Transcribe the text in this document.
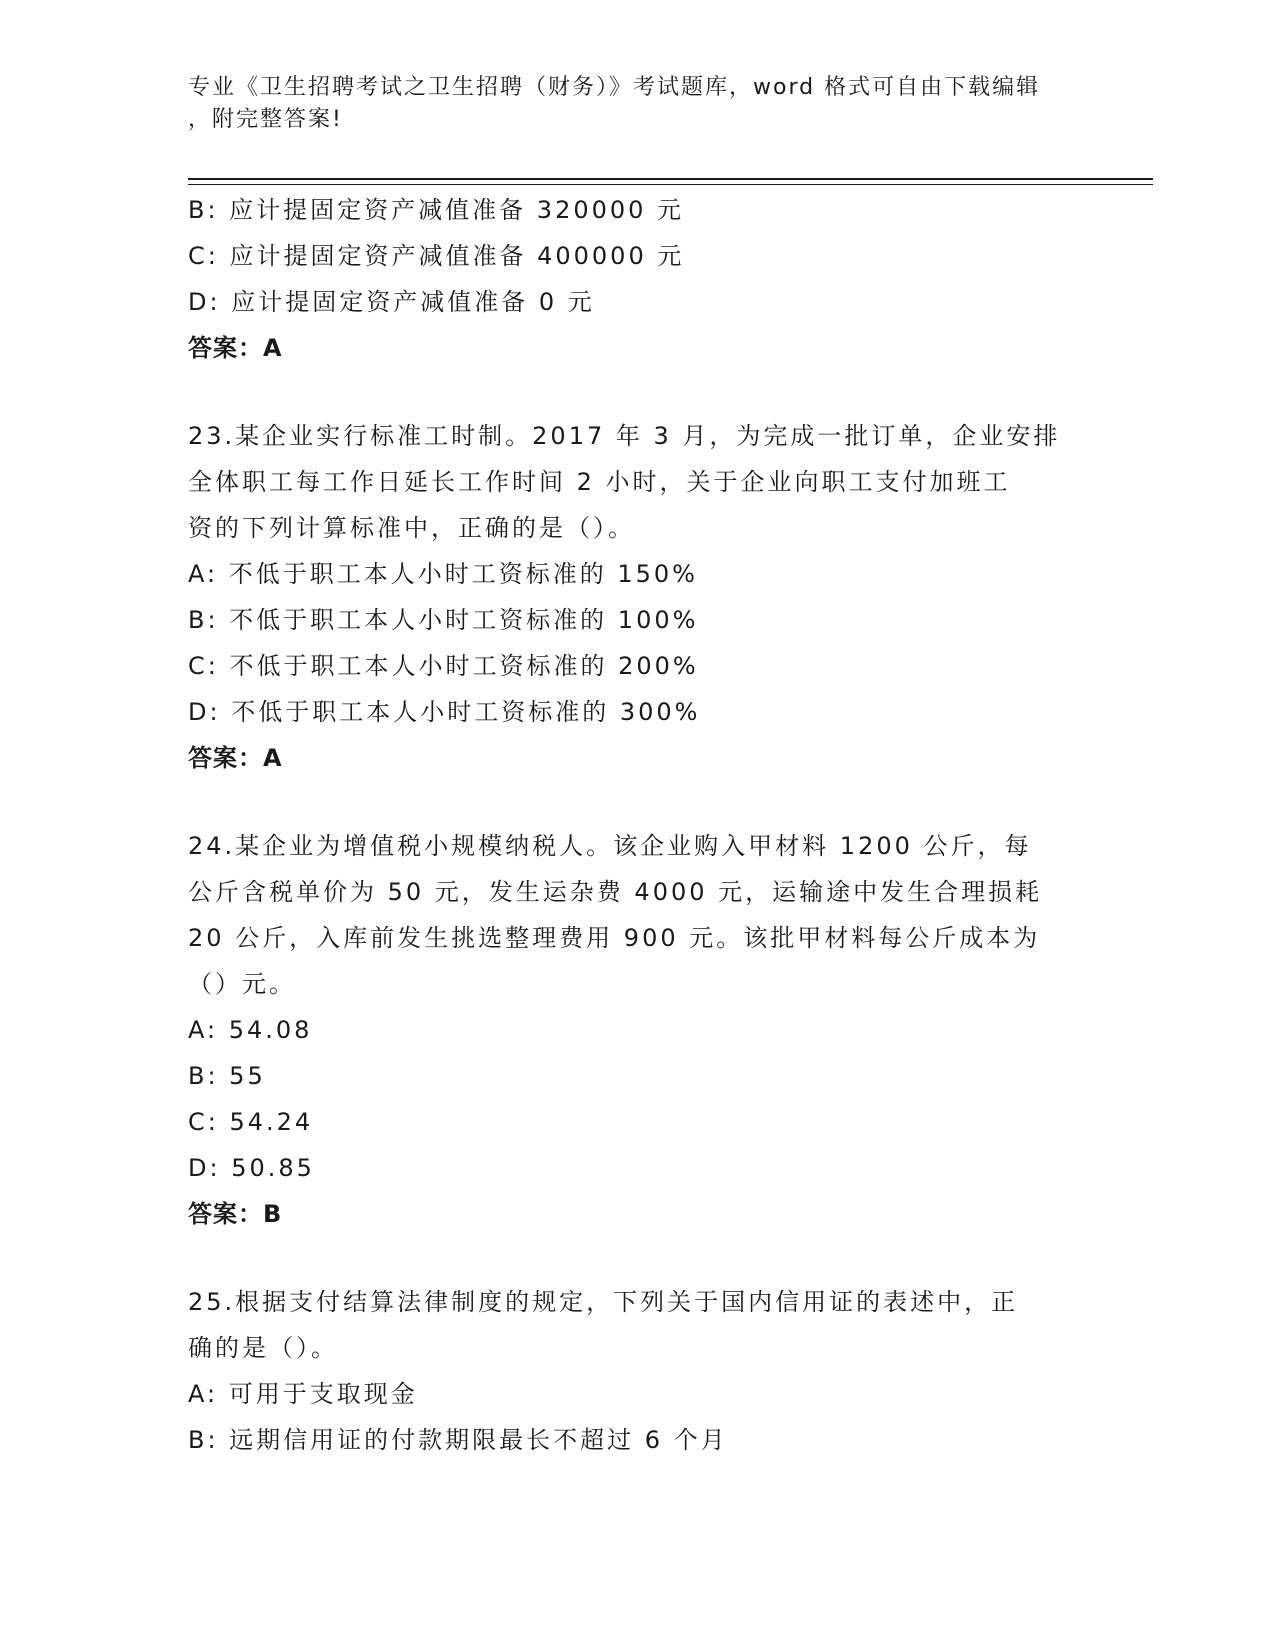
专业《卫生招聘考试之卫生招聘（财务）》考试题库，word 格式可自由下载编辑
，附完整答案!
B: 应计提固定资产减值准备 320000 元
C: 应计提固定资产减值准备 400000 元
D: 应计提固定资产减值准备 0 元
答案：A
23.某企业实行标准工时制。2017 年 3 月，为完成一批订单，企业安排
全体职工每工作日延长工作时间 2 小时，关于企业向职工支付加班工
资的下列计算标准中，正确的是（）。
A: 不低于职工本人小时工资标准的 150%
B: 不低于职工本人小时工资标准的 100%
C: 不低于职工本人小时工资标准的 200%
D: 不低于职工本人小时工资标准的 300%
答案：A
24.某企业为增值税小规模纳税人。该企业购入甲材料 1200 公斤，每
公斤含税单价为 50 元，发生运杂费 4000 元，运输途中发生合理损耗
20 公斤，入库前发生挑选整理费用 900 元。该批甲材料每公斤成本为
（）元。
A: 54.08
B: 55
C: 54.24
D: 50.85
答案：B
25.根据支付结算法律制度的规定，下列关于国内信用证的表述中，正
确的是（）。
A: 可用于支取现金
B: 远期信用证的付款期限最长不超过 6 个月
